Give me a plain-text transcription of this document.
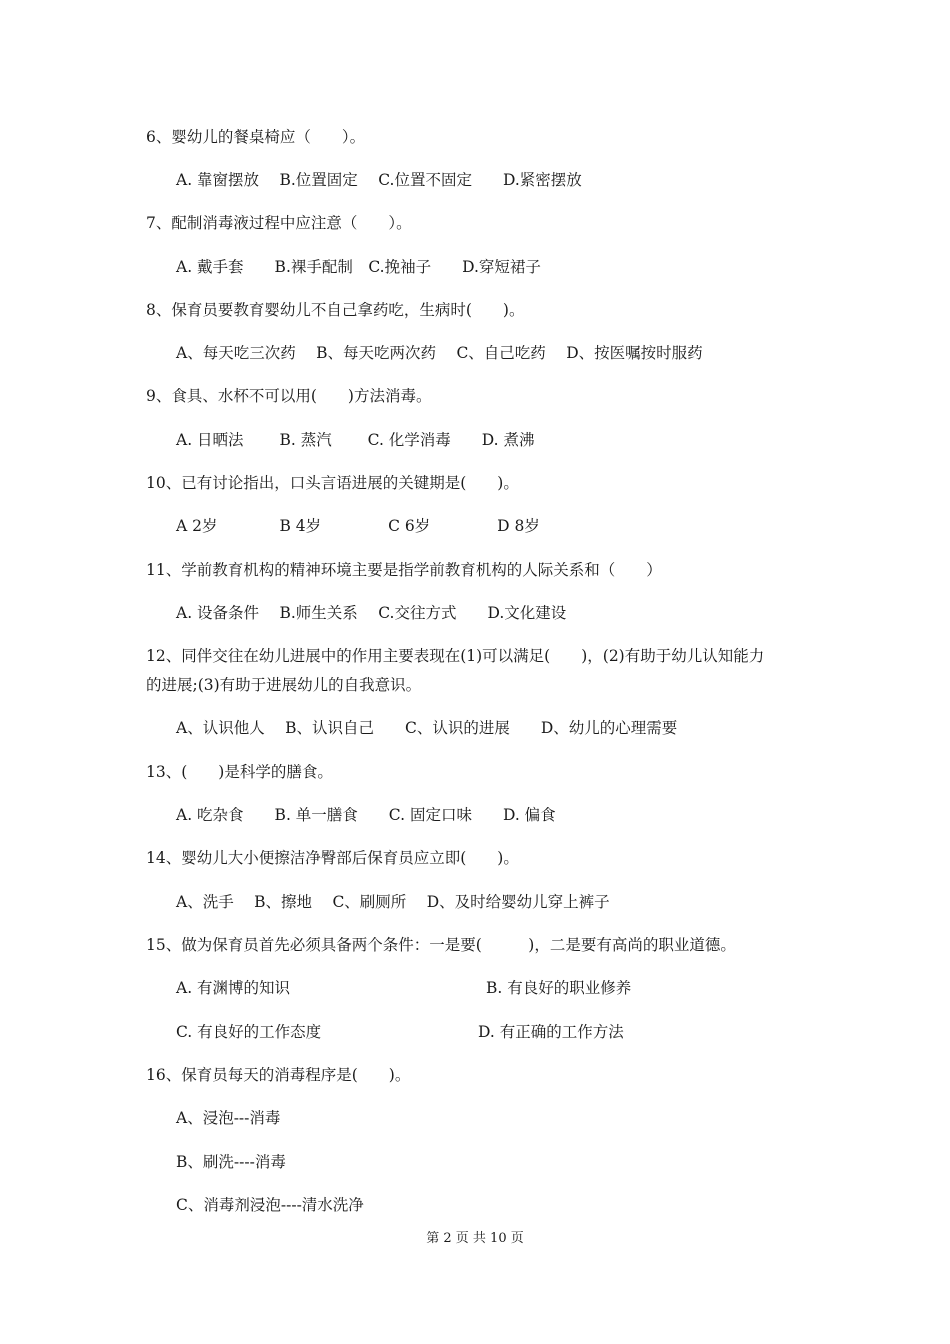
6、婴幼儿的餐桌椅应（　　）。
A. 靠窗摆放　 B.位置固定　 C.位置不固定　　D.紧密摆放
7、配制消毒液过程中应注意（　　）。
A. 戴手套　　B.裸手配制　C.挽袖子　　D.穿短裙子
8、保育员要教育婴幼儿不自己拿药吃，生病时(　　)。
A、每天吃三次药　 B、每天吃两次药　 C、自己吃药　 D、按医嘱按时服药
9、食具、水杯不可以用(　　)方法消毒。
A. 日晒法　　 B. 蒸汽　　 C. 化学消毒　　D. 煮沸
10、已有讨论指出，口头言语进展的关键期是(　　)。
A 2岁　　　　B 4岁　　　　 C 6岁　　　　 D 8岁
11、学前教育机构的精神环境主要是指学前教育机构的人际关系和（　　）
A. 设备条件　 B.师生关系　 C.交往方式　　D.文化建设
12、同伴交往在幼儿进展中的作用主要表现在(1)可以满足(　　)，(2)有助于幼儿认知能力
的进展;(3)有助于进展幼儿的自我意识。
A、认识他人　 B、认识自己　　C、认识的进展　　D、幼儿的心理需要
13、(　　)是科学的膳食。
A. 吃杂食　　B. 单一膳食　　C. 固定口味　　D. 偏食
14、婴幼儿大小便擦洁净臀部后保育员应立即(　　)。
A、洗手　 B、擦地　 C、刷厕所　 D、及时给婴幼儿穿上裤子
15、做为保育员首先必须具备两个条件：一是要(　　　)，二是要有高尚的职业道德。
A. 有渊博的知识	B. 有良好的职业修养
C. 有良好的工作态度	D. 有正确的工作方法
16、保育员每天的消毒程序是(　　)。
A、浸泡---消毒
B、刷洗----消毒
C、消毒剂浸泡----清水洗净
第 2 页 共 10 页
